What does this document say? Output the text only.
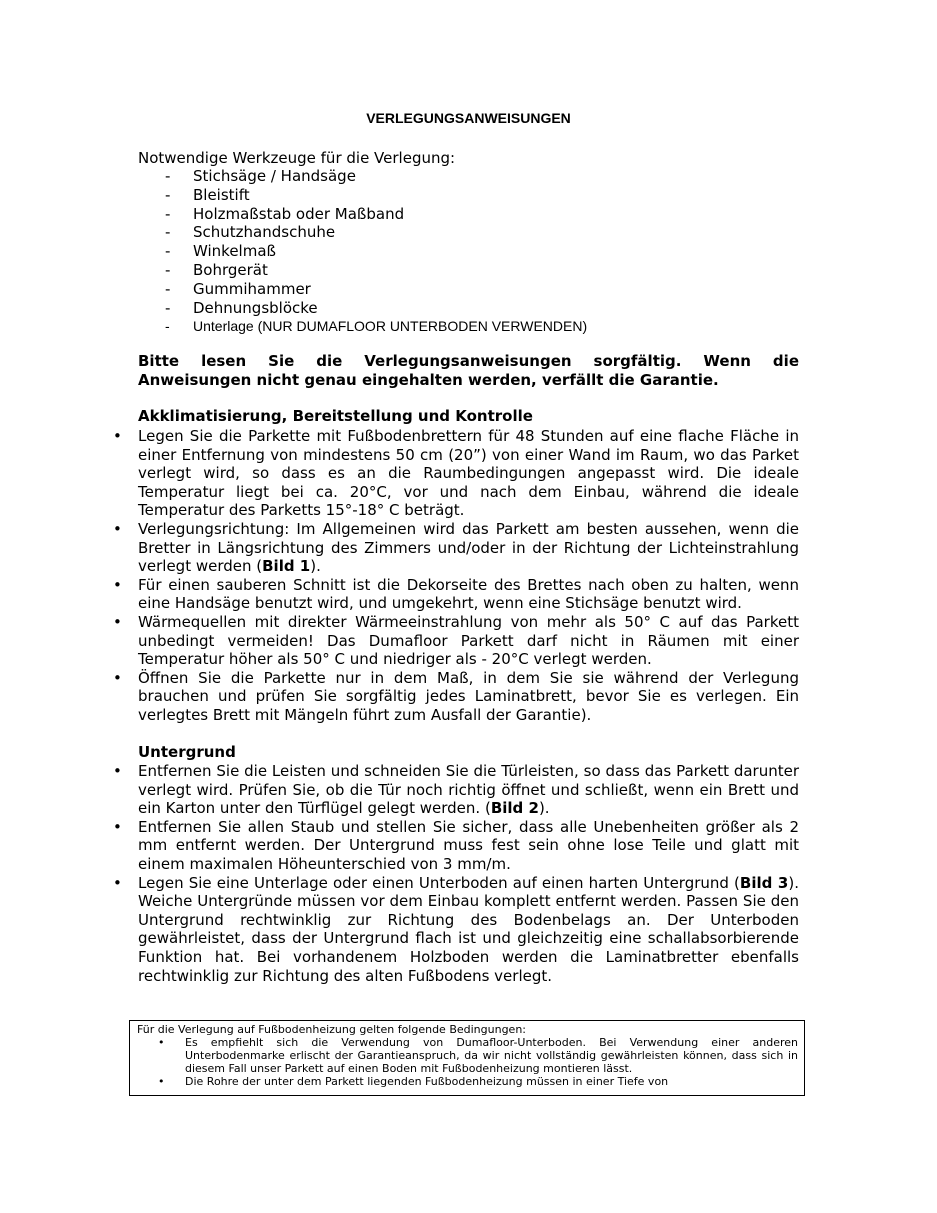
VERLEGUNGSANWEISUNGEN
Notwendige Werkzeuge für die Verlegung:
- Stichsäge / Handsäge
- Bleistift
- Holzmaßstab oder Maßband
- Schutzhandschuhe
- Winkelmaß
- Bohrgerät
- Gummihammer
- Dehnungsblöcke
- Unterlage (NUR DUMAFLOOR UNTERBODEN VERWENDEN)
Bitte lesen Sie die Verlegungsanweisungen sorgfältig. Wenn die Anweisungen nicht genau eingehalten werden, verfällt die Garantie.
Akklimatisierung, Bereitstellung und Kontrolle
• Legen Sie die Parkette mit Fußbodenbrettern für 48 Stunden auf eine flache Fläche in einer Entfernung von mindestens 50 cm (20”) von einer Wand im Raum, wo das Parket verlegt wird, so dass es an die Raumbedingungen angepasst wird. Die ideale Temperatur liegt bei ca. 20°C, vor und nach dem Einbau, während die ideale Temperatur des Parketts 15°-18° C beträgt.
• Verlegungsrichtung: Im Allgemeinen wird das Parkett am besten aussehen, wenn die Bretter in Längsrichtung des Zimmers und/oder in der Richtung der Lichteinstrahlung verlegt werden (Bild 1).
• Für einen sauberen Schnitt ist die Dekorseite des Brettes nach oben zu halten, wenn eine Handsäge benutzt wird, und umgekehrt, wenn eine Stichsäge benutzt wird.
• Wärmequellen mit direkter Wärmeeinstrahlung von mehr als 50° C auf das Parkett unbedingt vermeiden! Das Dumafloor Parkett darf nicht in Räumen mit einer Temperatur höher als 50° C und niedriger als - 20°C verlegt werden.
• Öffnen Sie die Parkette nur in dem Maß, in dem Sie sie während der Verlegung brauchen und prüfen Sie sorgfältig jedes Laminatbrett, bevor Sie es verlegen. Ein verlegtes Brett mit Mängeln führt zum Ausfall der Garantie).
Untergrund
• Entfernen Sie die Leisten und schneiden Sie die Türleisten, so dass das Parkett darunter verlegt wird. Prüfen Sie, ob die Tür noch richtig öffnet und schließt, wenn ein Brett und ein Karton unter den Türflügel gelegt werden. (Bild 2).
• Entfernen Sie allen Staub und stellen Sie sicher, dass alle Unebenheiten größer als 2 mm entfernt werden. Der Untergrund muss fest sein ohne lose Teile und glatt mit einem maximalen Höheunterschied von 3 mm/m.
• Legen Sie eine Unterlage oder einen Unterboden auf einen harten Untergrund (Bild 3). Weiche Untergründe müssen vor dem Einbau komplett entfernt werden. Passen Sie den Untergrund rechtwinklig zur Richtung des Bodenbelags an. Der Unterboden gewährleistet, dass der Untergrund flach ist und gleichzeitig eine schallabsorbierende Funktion hat. Bei vorhandenem Holzboden werden die Laminatbretter ebenfalls rechtwinklig zur Richtung des alten Fußbodens verlegt.
Für die Verlegung auf Fußbodenheizung gelten folgende Bedingungen:
• Es empfiehlt sich die Verwendung von Dumafloor-Unterboden. Bei Verwendung einer anderen Unterbodenmarke erlischt der Garantieanspruch, da wir nicht vollständig gewährleisten können, dass sich in diesem Fall unser Parkett auf einen Boden mit Fußbodenheizung montieren lässt.
• Die Rohre der unter dem Parkett liegenden Fußbodenheizung müssen in einer Tiefe von
